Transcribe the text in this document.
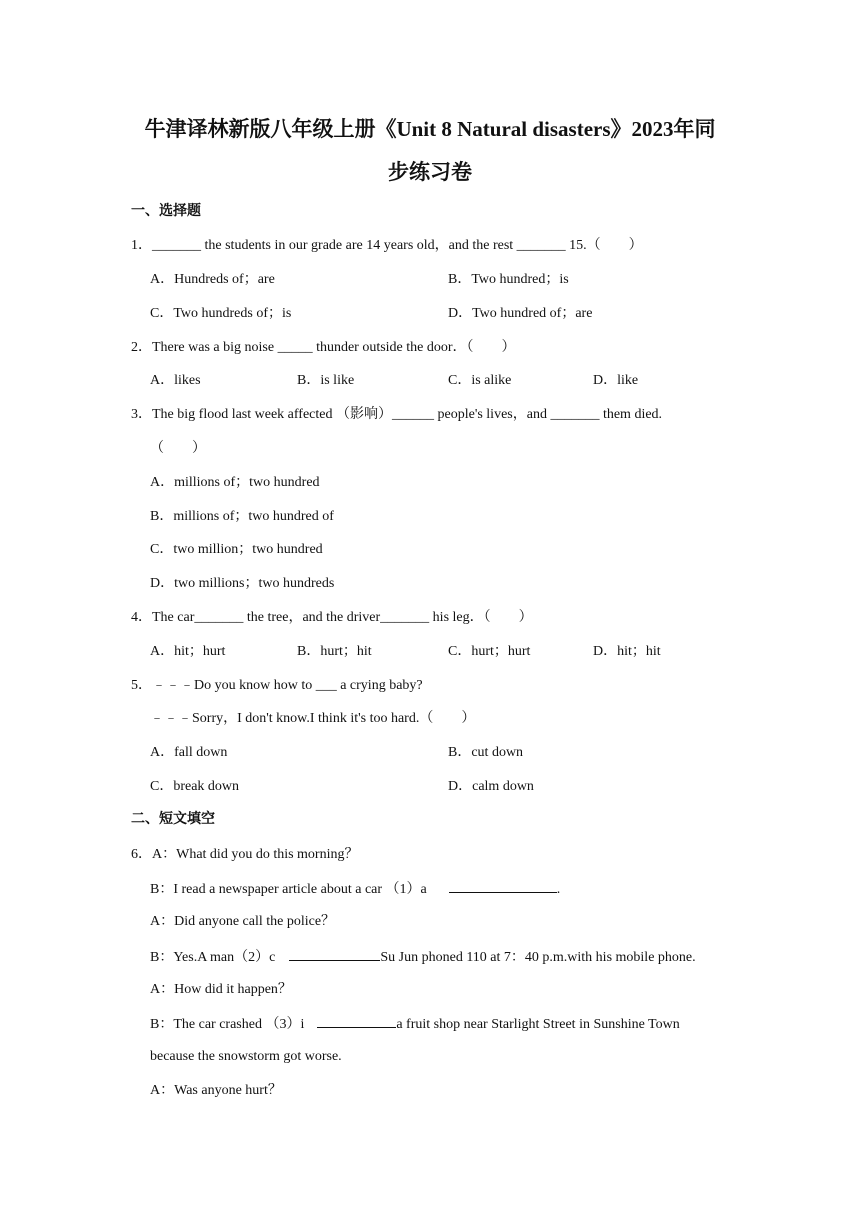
牛津译林新版八年级上册《Unit 8 Natural disasters》2023年同
步练习卷
一、选择题
1．_______ the students in our grade are 14 years old，and the rest _______ 15.（　　）
A．Hundreds of；are	B．Two hundred；is
C．Two hundreds of；is	D．Two hundred of；are
2．There was a big noise _____ thunder outside the door．（　　）
A．likes	B．is like	C．is alike	D．like
3．The big flood last week affected （影响）______ people's lives，and _______ them died.
（　　）
A．millions of；two hundred
B．millions of；two hundred of
C．two million；two hundred
D．two millions；two hundreds
4．The car_______ the tree，and the driver_______ his leg．（　　）
A．hit；hurt	B．hurt；hit	C．hurt；hurt	D．hit；hit
5．﹣﹣﹣Do you know how to ___ a crying baby?
﹣﹣﹣Sorry，I don't know.I think it's too hard.（　　）
A．fall down	B．cut down
C．break down	D．calm down
二、短文填空
6．A：What did you do this morning？
B：I read a newspaper article about a car （1）a	.
A：Did anyone call the police？
B：Yes.A man（2）c	Su Jun phoned 110 at 7：40 p.m.with his mobile phone.
A：How did it happen？
B：The car crashed （3）i	a fruit shop near Starlight Street in Sunshine Town
because the snowstorm got worse.
A：Was anyone hurt？
